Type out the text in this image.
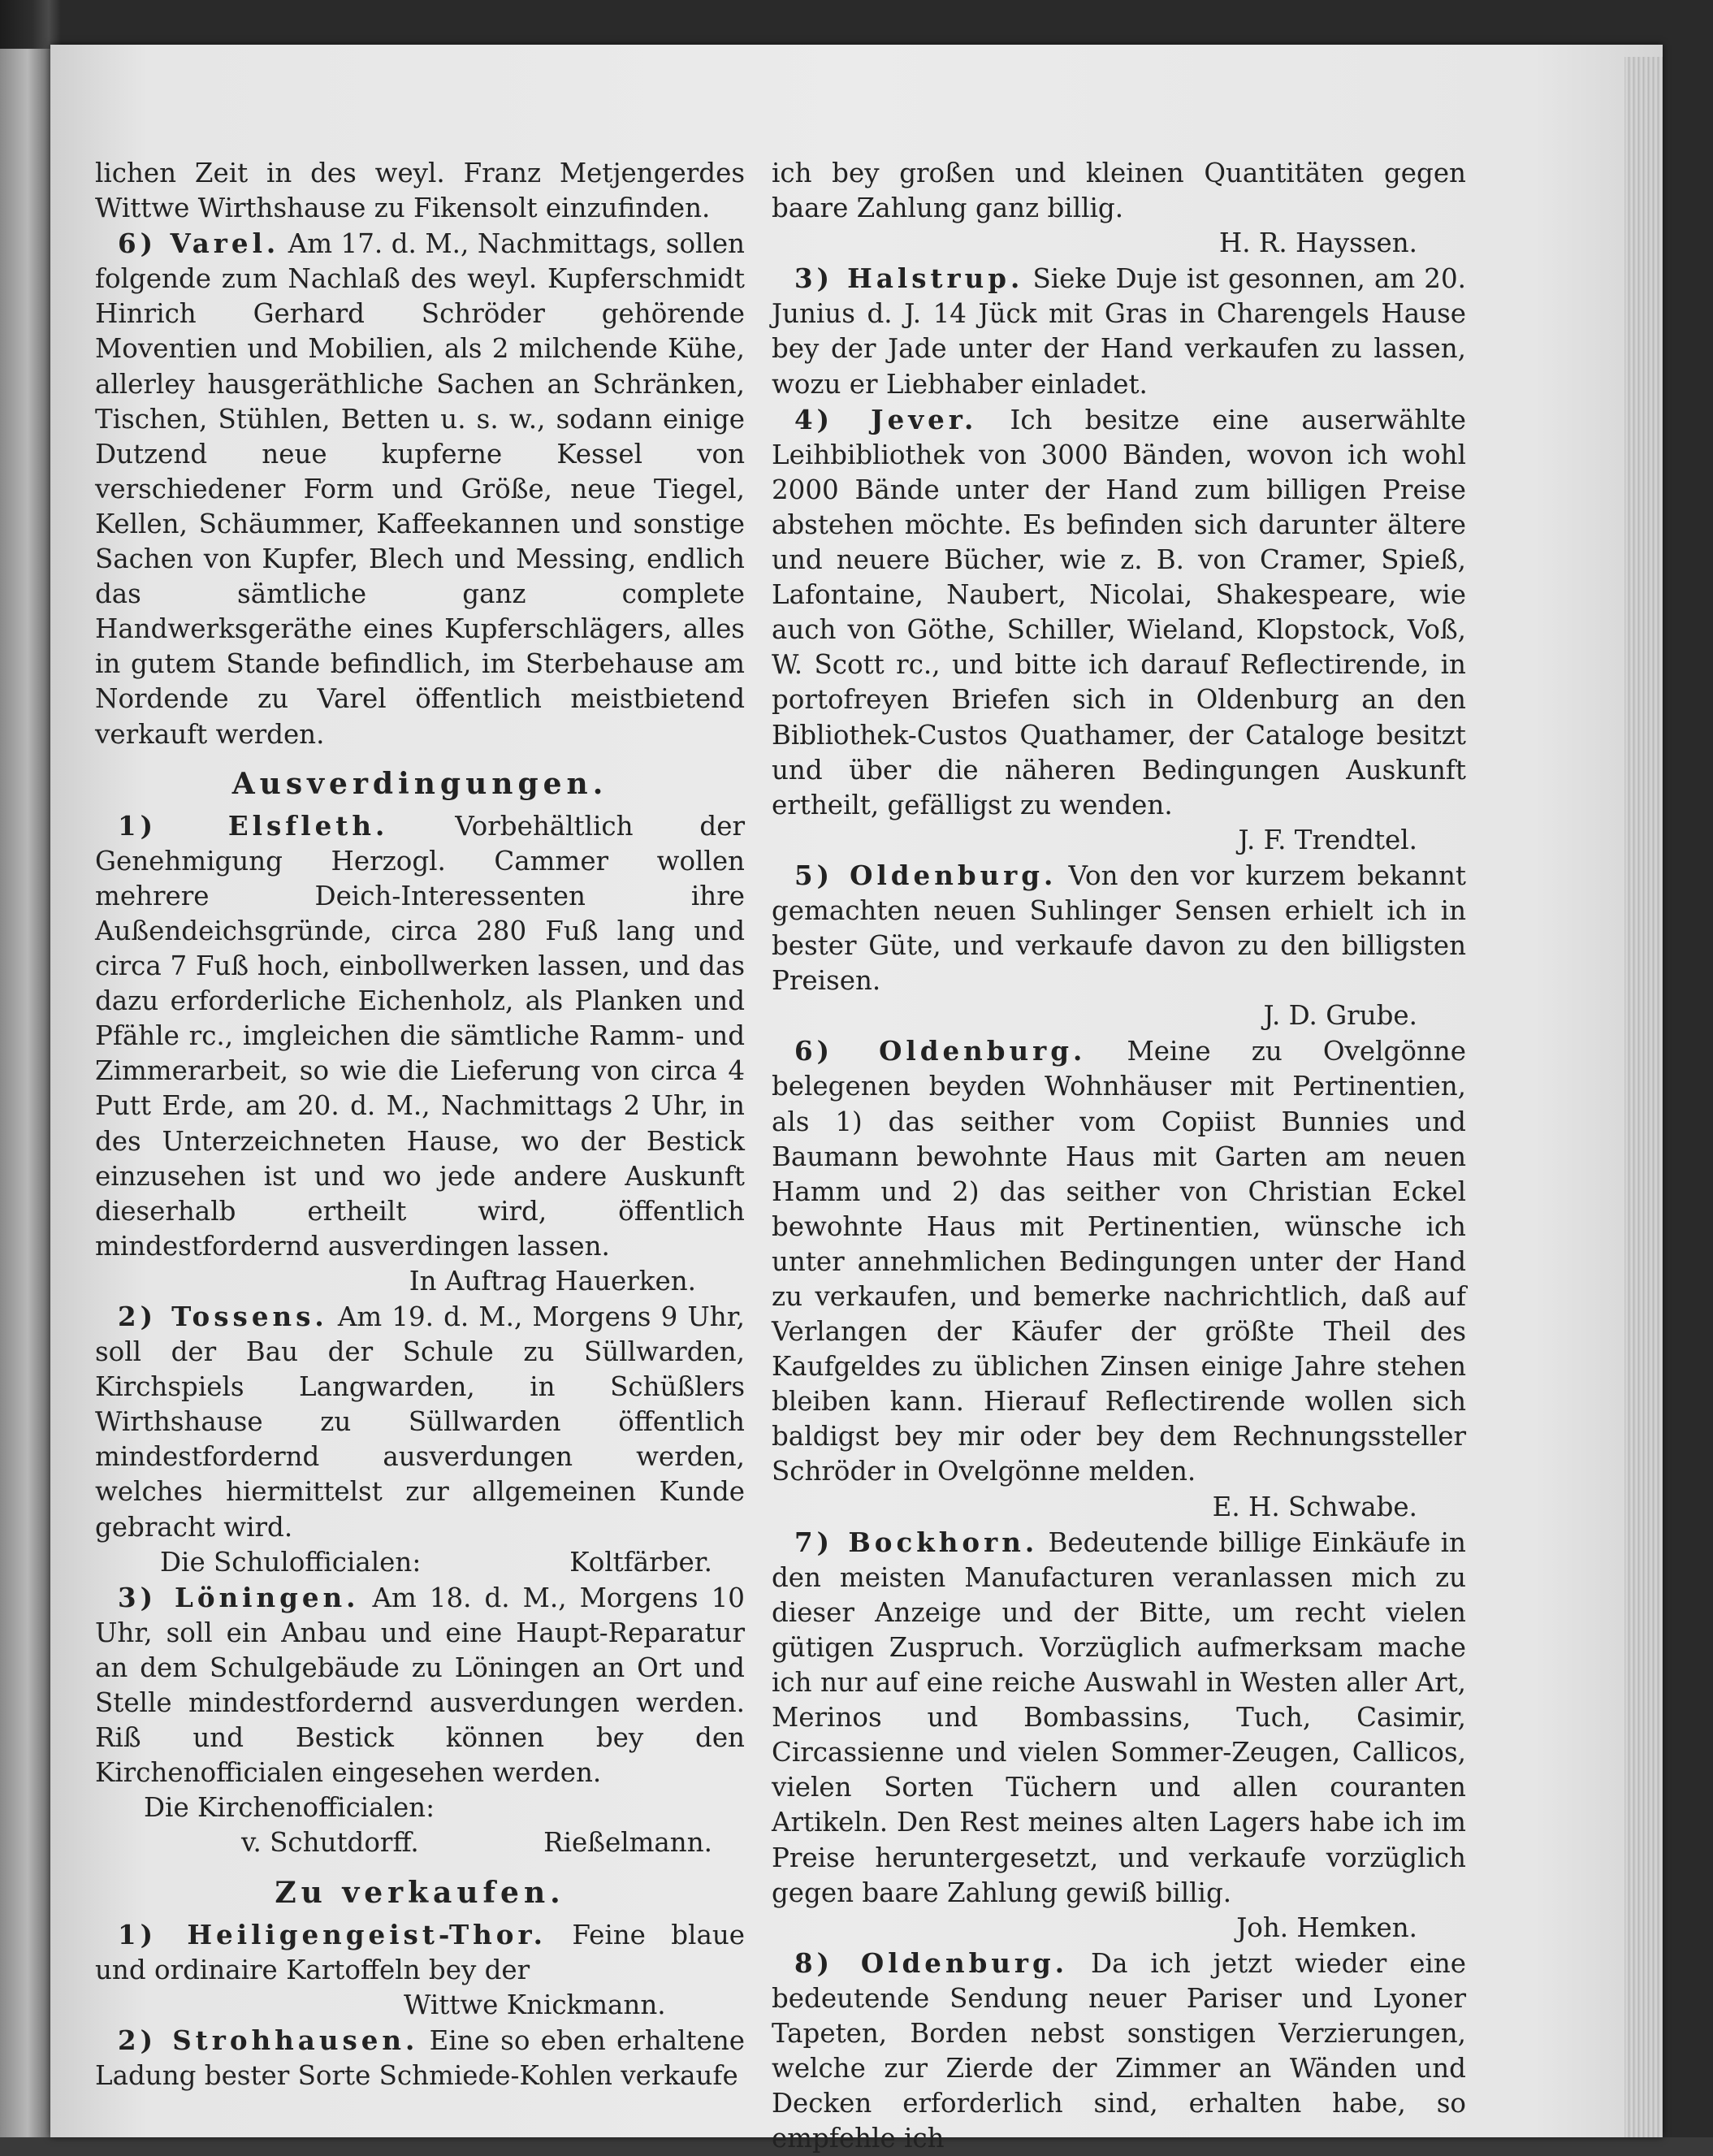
lichen Zeit in des weyl. Franz Metjengerdes Wittwe Wirthshause zu Fikensolt einzufinden.

6) Varel. Am 17. d. M., Nachmittags, sollen folgende zum Nachlaß des weyl. Kupferschmidt Hinrich Gerhard Schröder gehörende Moventien und Mobilien, als 2 milchende Kühe, allerley hausgeräthliche Sachen an Schränken, Tischen, Stühlen, Betten u. s. w., sodann einige Dutzend neue kupferne Kessel von verschiedener Form und Größe, neue Tiegel, Kellen, Schäummer, Kaffeekannen und sonstige Sachen von Kupfer, Blech und Messing, endlich das sämtliche ganz complete Handwerksgeräthe eines Kupferschlägers, alles in gutem Stande befindlich, im Sterbehause am Nordende zu Varel öffentlich meistbietend verkauft werden.

Ausverdingungen.

1) Elsfleth.	Vorbehältlich der Genehmigung Herzogl. Cammer wollen mehrere Deich-Interessenten ihre Außendeichsgründe, circa 280 Fuß lang und circa 7 Fuß hoch, einbollwerken lassen, und das dazu erforderliche Eichenholz, als Planken und Pfähle rc., imgleichen die sämtliche Ramm- und Zimmerarbeit, so wie die Lieferung von circa 4 Putt Erde, am 20. d. M., Nachmittags 2 Uhr, in des Unterzeichneten Hause, wo der Bestick einzusehen ist und wo jede andere Auskunft dieserhalb ertheilt wird, öffentlich mindestfordernd ausverdingen lassen.

In Auftrag Hauerken.

2) Tossens. Am 19. d. M., Morgens 9 Uhr, soll der Bau der Schule zu Süllwarden, Kirchspiels Langwarden, in Schüßlers Wirthshause zu Süllwarden öffentlich mindestfordernd ausverdungen werden, welches hiermittelst zur allgemeinen Kunde gebracht wird.

Die Schulofficialen:	Koltfärber.

3) Löningen. Am 18. d. M., Morgens 10 Uhr, soll ein Anbau und eine Haupt-Reparatur an dem Schulgebäude zu Löningen an Ort und Stelle mindestfordernd ausverdungen werden. Riß und Bestick können bey den Kirchenofficialen eingesehen werden.

Die Kirchenofficialen:

v. Schutdorff.	Rießelmann.

Zu verkaufen.

1) Heiligengeist-Thor. Feine blaue und ordinaire Kartoffeln bey der

Wittwe Knickmann.

2) Strohhausen. Eine so eben erhaltene Ladung bester Sorte Schmiede-Kohlen verkaufe

ich bey großen und kleinen Quantitäten gegen baare Zahlung ganz billig.

H. R. Hayssen.

3) Halstrup. Sieke Duje ist gesonnen, am 20. Junius d. J. 14 Jück mit Gras in Charengels Hause bey der Jade unter der Hand verkaufen zu lassen, wozu er Liebhaber einladet.

4) Jever. Ich besitze eine auserwählte Leihbibliothek von 3000 Bänden, wovon ich wohl 2000 Bände unter der Hand zum billigen Preise abstehen möchte. Es befinden sich darunter ältere und neuere Bücher, wie z. B. von Cramer, Spieß, Lafontaine, Naubert, Nicolai, Shakespeare, wie auch von Göthe, Schiller, Wieland, Klopstock, Voß, W. Scott rc., und bitte ich darauf Reflectirende, in portofreyen Briefen sich in Oldenburg an den Bibliothek-Custos Quathamer, der Cataloge besitzt und über die näheren Bedingungen Auskunft ertheilt, gefälligst zu wenden.

J. F. Trendtel.

5) Oldenburg. Von den vor kurzem bekannt gemachten neuen Suhlinger Sensen erhielt ich in bester Güte, und verkaufe davon zu den billigsten Preisen.

J. D. Grube.

6) Oldenburg. Meine zu Ovelgönne belegenen beyden Wohnhäuser mit Pertinentien, als 1) das seither vom Copiist Bunnies und Baumann bewohnte Haus mit Garten am neuen Hamm und 2) das seither von Christian Eckel bewohnte Haus mit Pertinentien, wünsche ich unter annehmlichen Bedingungen unter der Hand zu verkaufen, und bemerke nachrichtlich, daß auf Verlangen der Käufer der größte Theil des Kaufgeldes zu üblichen Zinsen einige Jahre stehen bleiben kann. Hierauf Reflectirende wollen sich baldigst bey mir oder bey dem Rechnungssteller Schröder in Ovelgönne melden.

E. H. Schwabe.

7) Bockhorn. Bedeutende billige Einkäufe in den meisten Manufacturen veranlassen mich zu dieser Anzeige und der Bitte, um recht vielen gütigen Zuspruch. Vorzüglich aufmerksam mache ich nur auf eine reiche Auswahl in Westen aller Art, Merinos und Bombassins, Tuch, Casimir, Circassienne und vielen Sommer-Zeugen, Callicos, vielen Sorten Tüchern und allen couranten Artikeln. Den Rest meines alten Lagers habe ich im Preise heruntergesetzt, und verkaufe vorzüglich gegen baare Zahlung gewiß billig.

Joh. Hemken.

8) Oldenburg. Da ich jetzt wieder eine bedeutende Sendung neuer Pariser und Lyoner Tapeten, Borden nebst sonstigen Verzierungen, welche zur Zierde der Zimmer an Wänden und Decken erforderlich sind, erhalten habe, so empfehle ich
